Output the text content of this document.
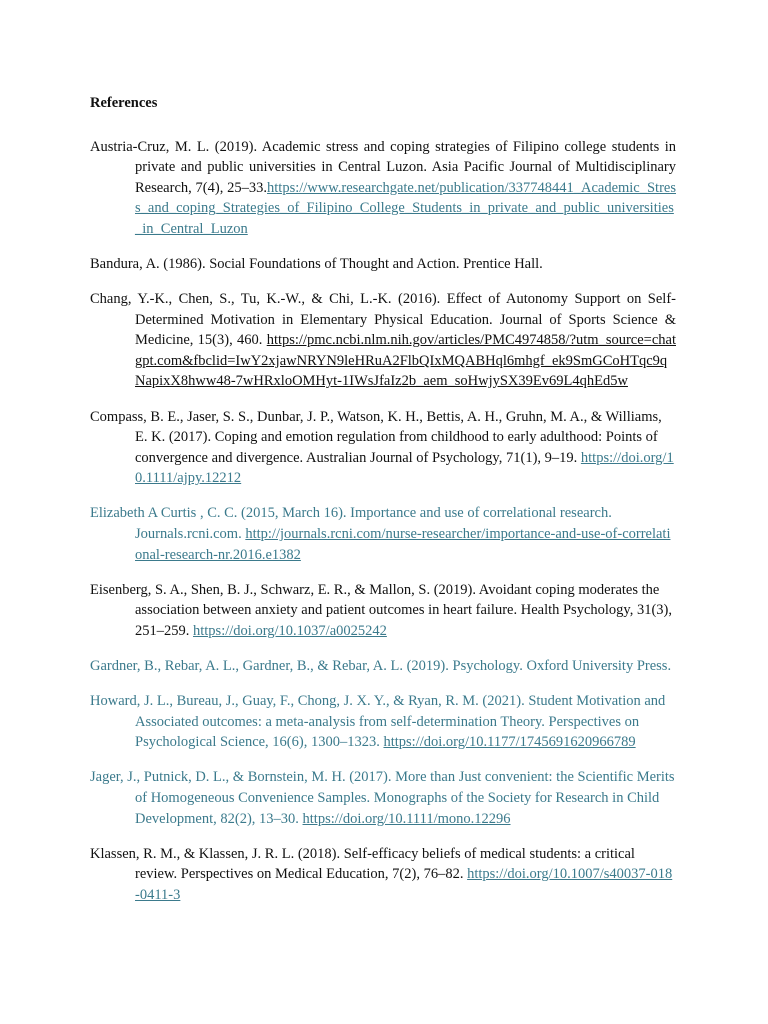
References

Austria-Cruz, M. L. (2019). Academic stress and coping strategies of Filipino college students in private and public universities in Central Luzon. Asia Pacific Journal of Multidisciplinary Research, 7(4), 25–33.https://www.researchgate.net/publication/337748441_Academic_Stress_and_coping_Strategies_of_Filipino_College_Students_in_private_and_public_universities_in_Central_Luzon

Bandura, A. (1986). Social Foundations of Thought and Action. Prentice Hall.

Chang, Y.-K., Chen, S., Tu, K.-W., & Chi, L.-K. (2016). Effect of Autonomy Support on Self-Determined Motivation in Elementary Physical Education. Journal of Sports Science & Medicine, 15(3), 460. https://pmc.ncbi.nlm.nih.gov/articles/PMC4974858/?utm_source=chatgpt.com&fbclid=IwY2xjawNRYN9leHRuA2FlbQIxMQABHql6mhgf_ek9SmGCoHTqc9qNapixX8hww48-7wHRxloOMHyt-1IWsJfaIz2b_aem_soHwjySX39Ev69L4qhEd5w

Compass, B. E., Jaser, S. S., Dunbar, J. P., Watson, K. H., Bettis, A. H., Gruhn, M. A., & Williams, E. K. (2017). Coping and emotion regulation from childhood to early adulthood: Points of convergence and divergence. Australian Journal of Psychology, 71(1), 9–19. https://doi.org/10.1111/ajpy.12212

Elizabeth A Curtis , C. C. (2015, March 16). Importance and use of correlational research. Journals.rcni.com. http://journals.rcni.com/nurse-researcher/importance-and-use-of-correlational-research-nr.2016.e1382

Eisenberg, S. A., Shen, B. J., Schwarz, E. R., & Mallon, S. (2019). Avoidant coping moderates the association between anxiety and patient outcomes in heart failure. Health Psychology, 31(3), 251–259. https://doi.org/10.1037/a0025242

Gardner, B., Rebar, A. L., Gardner, B., & Rebar, A. L. (2019). Psychology. Oxford University Press.

Howard, J. L., Bureau, J., Guay, F., Chong, J. X. Y., & Ryan, R. M. (2021). Student Motivation and Associated outcomes: a meta-analysis from self-determination Theory. Perspectives on Psychological Science, 16(6), 1300–1323. https://doi.org/10.1177/1745691620966789

Jager, J., Putnick, D. L., & Bornstein, M. H. (2017). More than Just convenient: the Scientific Merits of Homogeneous Convenience Samples. Monographs of the Society for Research in Child Development, 82(2), 13–30. https://doi.org/10.1111/mono.12296

Klassen, R. M., & Klassen, J. R. L. (2018). Self-efficacy beliefs of medical students: a critical review. Perspectives on Medical Education, 7(2), 76–82. https://doi.org/10.1007/s40037-018-0411-3
